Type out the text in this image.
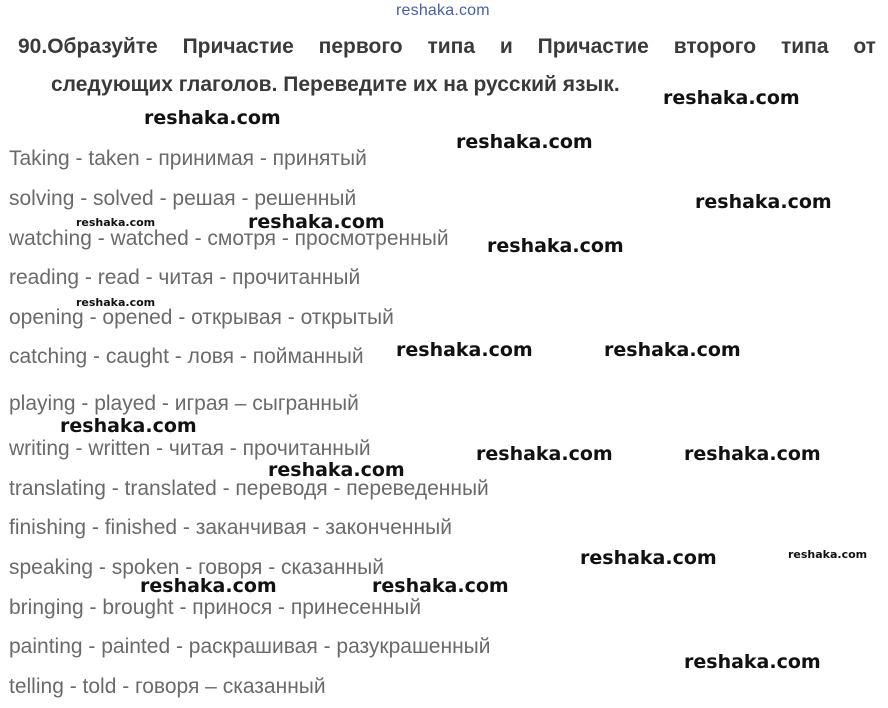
reshaka.com
90.Образуйте Причастие первого типа и Причастие второго типа от
следующих глаголов. Переведите их на русский язык.
Taking - taken - принимая - принятый
solving - solved - решая - решенный
watching - watched - смотря - просмотренный
reading - read - читая - прочитанный
opening - opened - открывая - открытый
catching - caught - ловя - пойманный
playing - played - играя – сыгранный
writing - written - читая - прочитанный
translating - translated - переводя - переведенный
finishing - finished - заканчивая - законченный
speaking - spoken - говоря - сказанный
bringing - brought - принося - принесенный
painting - painted - раскрашивая - разукрашенный
telling - told - говоря – сказанный
reshaka.com
reshaka.com
reshaka.com
reshaka.com
reshaka.com	reshaka.com
reshaka.com
reshaka.com
reshaka.com	reshaka.com
reshaka.com
reshaka.com	reshaka.com
reshaka.com
reshaka.com
reshaka.com
reshaka.com	reshaka.com
reshaka.com
